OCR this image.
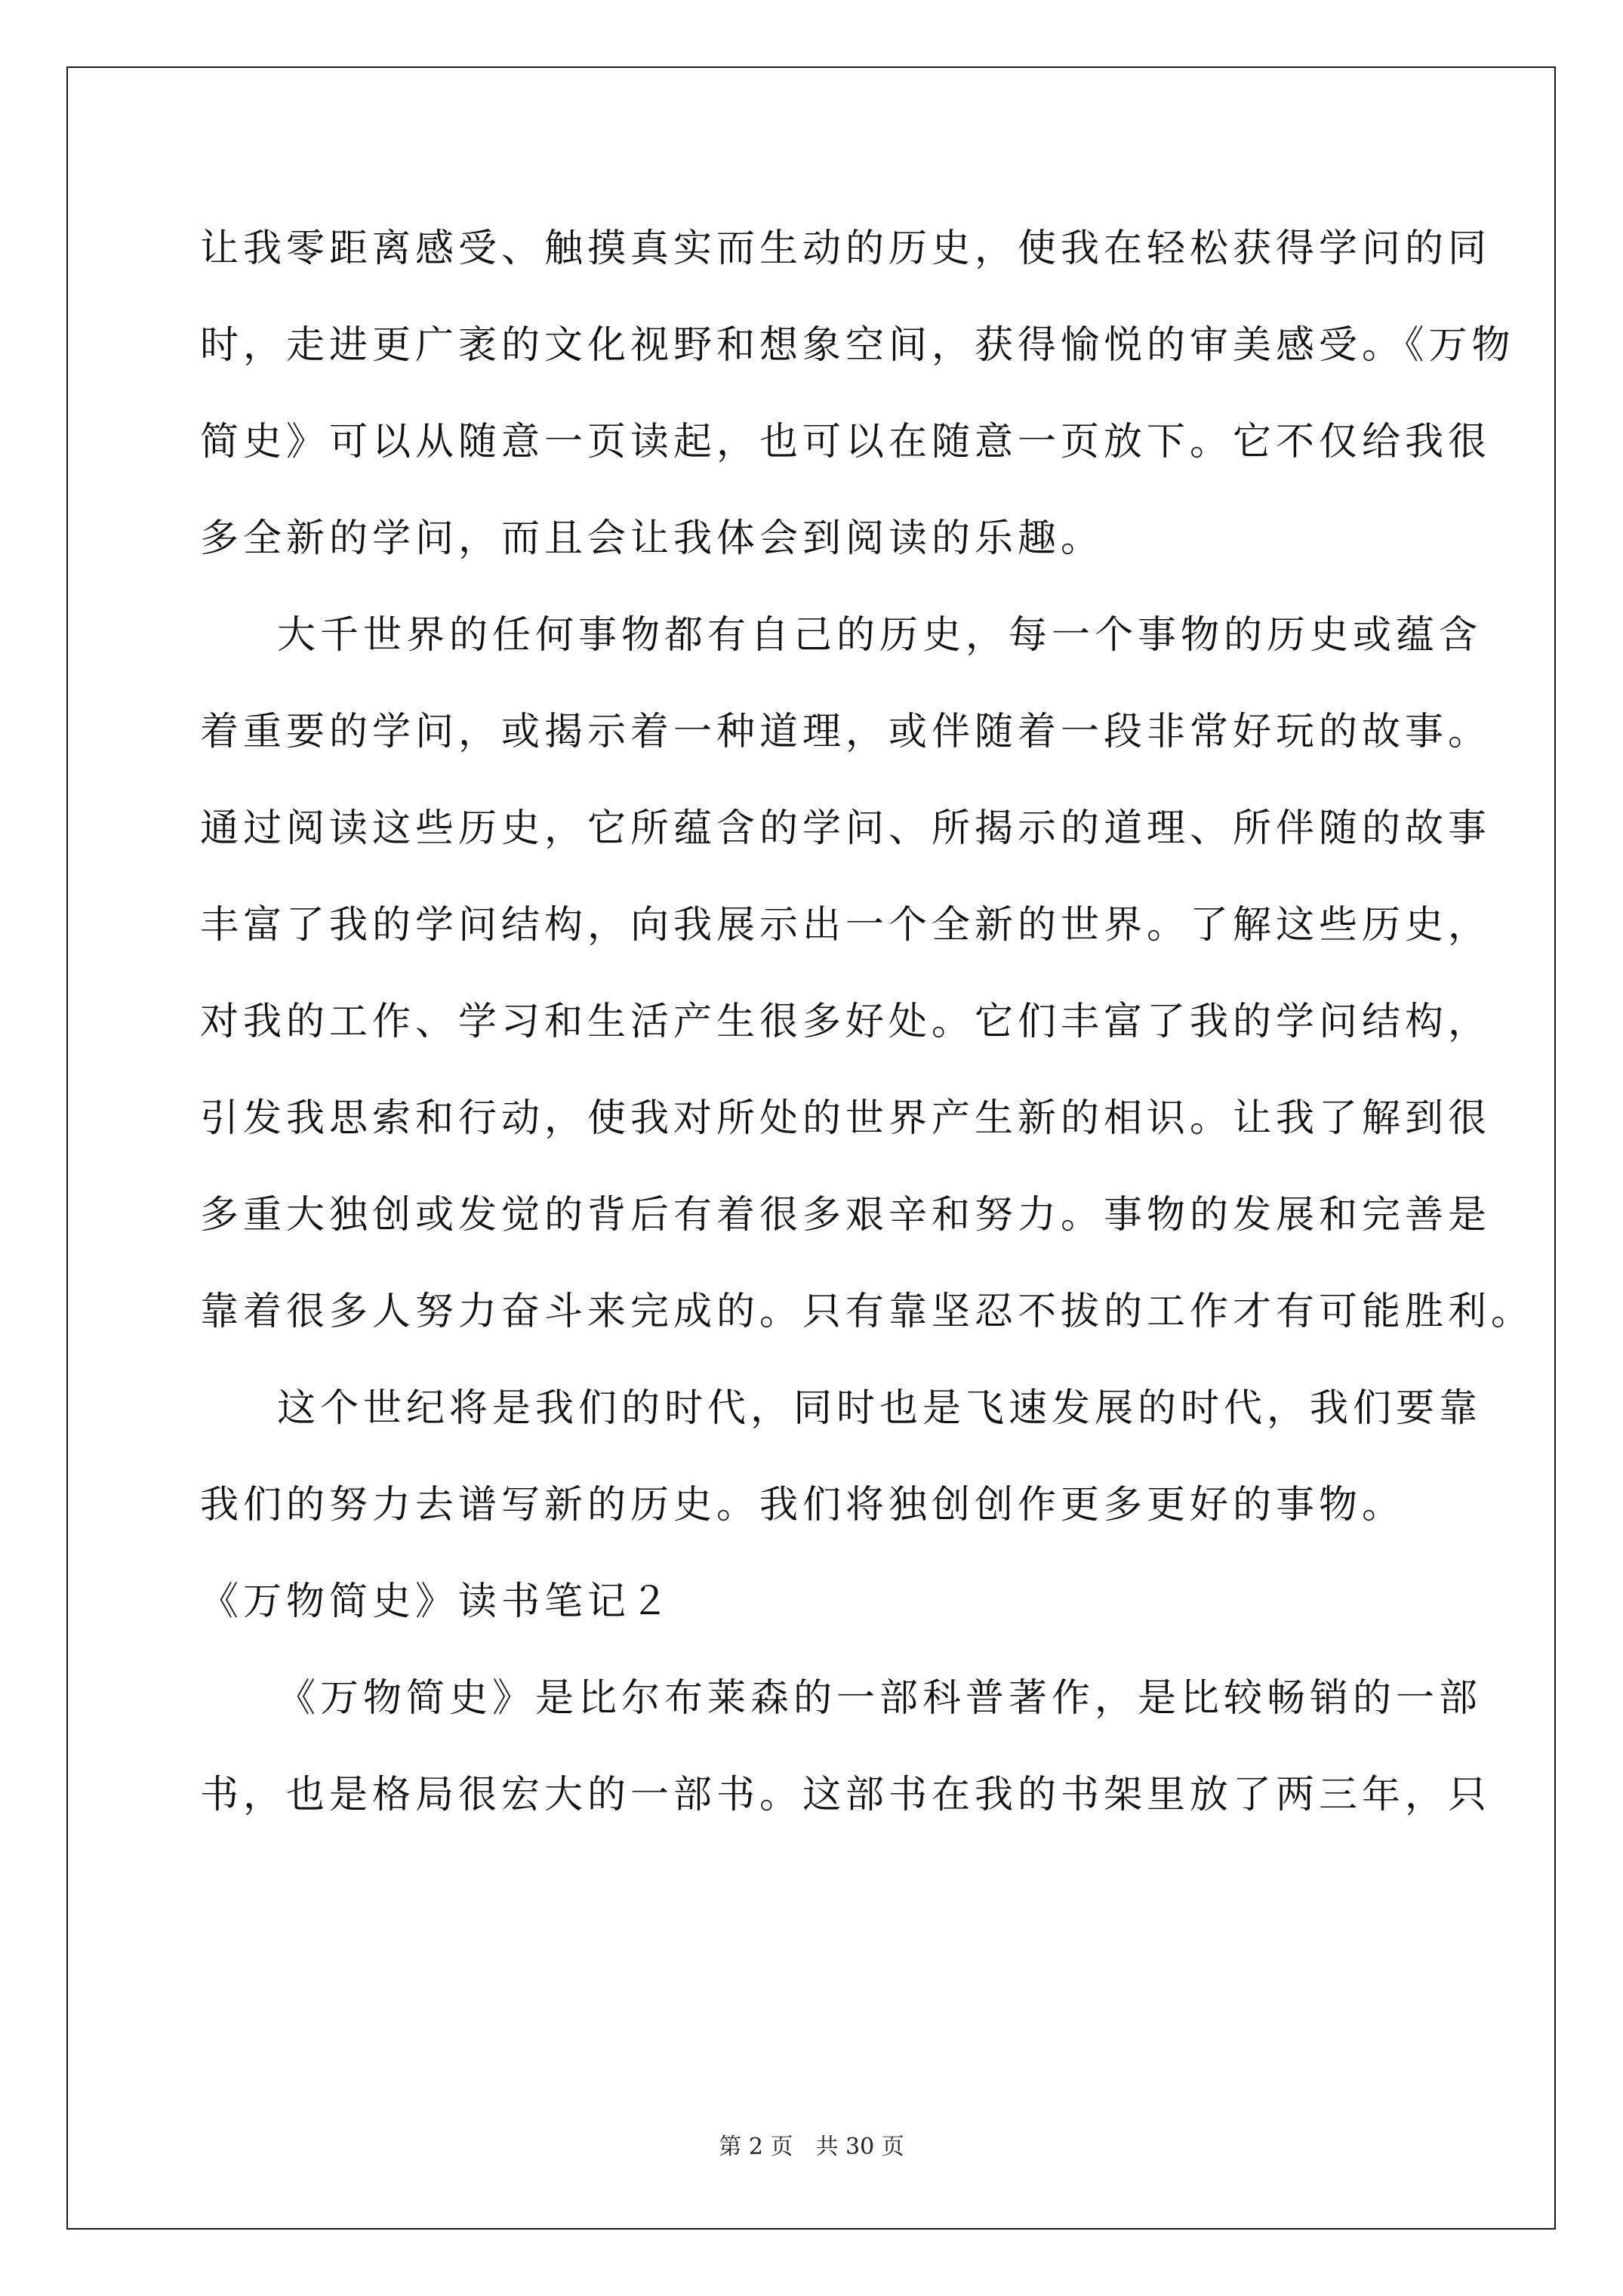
让我零距离感受、触摸真实而生动的历史，使我在轻松获得学问的同
时，走进更广袤的文化视野和想象空间，获得愉悦的审美感受。《万物
简史》可以从随意一页读起，也可以在随意一页放下。它不仅给我很
多全新的学问，而且会让我体会到阅读的乐趣。
大千世界的任何事物都有自己的历史，每一个事物的历史或蕴含
着重要的学问，或揭示着一种道理，或伴随着一段非常好玩的故事。
通过阅读这些历史，它所蕴含的学问、所揭示的道理、所伴随的故事
丰富了我的学问结构，向我展示出一个全新的世界。了解这些历史，
对我的工作、学习和生活产生很多好处。它们丰富了我的学问结构，
引发我思索和行动，使我对所处的世界产生新的相识。让我了解到很
多重大独创或发觉的背后有着很多艰辛和努力。事物的发展和完善是
靠着很多人努力奋斗来完成的。只有靠坚忍不拔的工作才有可能胜利。
这个世纪将是我们的时代，同时也是飞速发展的时代，我们要靠
我们的努力去谱写新的历史。我们将独创创作更多更好的事物。
《万物简史》读书笔记２
《万物简史》是比尔布莱森的一部科普著作，是比较畅销的一部
书，也是格局很宏大的一部书。这部书在我的书架里放了两三年，只
第 2 页　共 30 页
